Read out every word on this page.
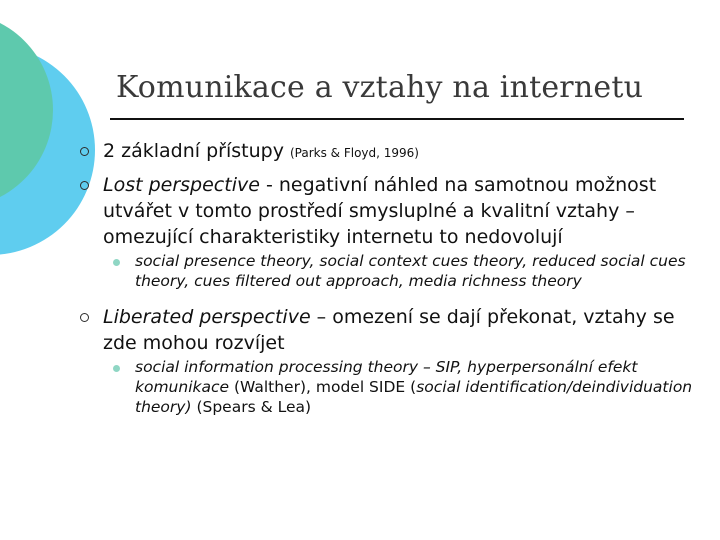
Komunikace a vztahy na internetu
2 základní přístupy (Parks & Floyd, 1996)
Lost perspective - negativní náhled na samotnou možnost utvářet v tomto prostředí smysluplné a kvalitní vztahy – omezující charakteristiky internetu to nedovolují
social presence theory, social context cues theory, reduced social cues theory, cues filtered out approach, media richness theory
Liberated perspective – omezení se dají překonat, vztahy se zde mohou rozvíjet
social information processing theory – SIP, hyperpersonální efekt komunikace (Walther), model SIDE (social identification/deindividuation theory) (Spears & Lea)
